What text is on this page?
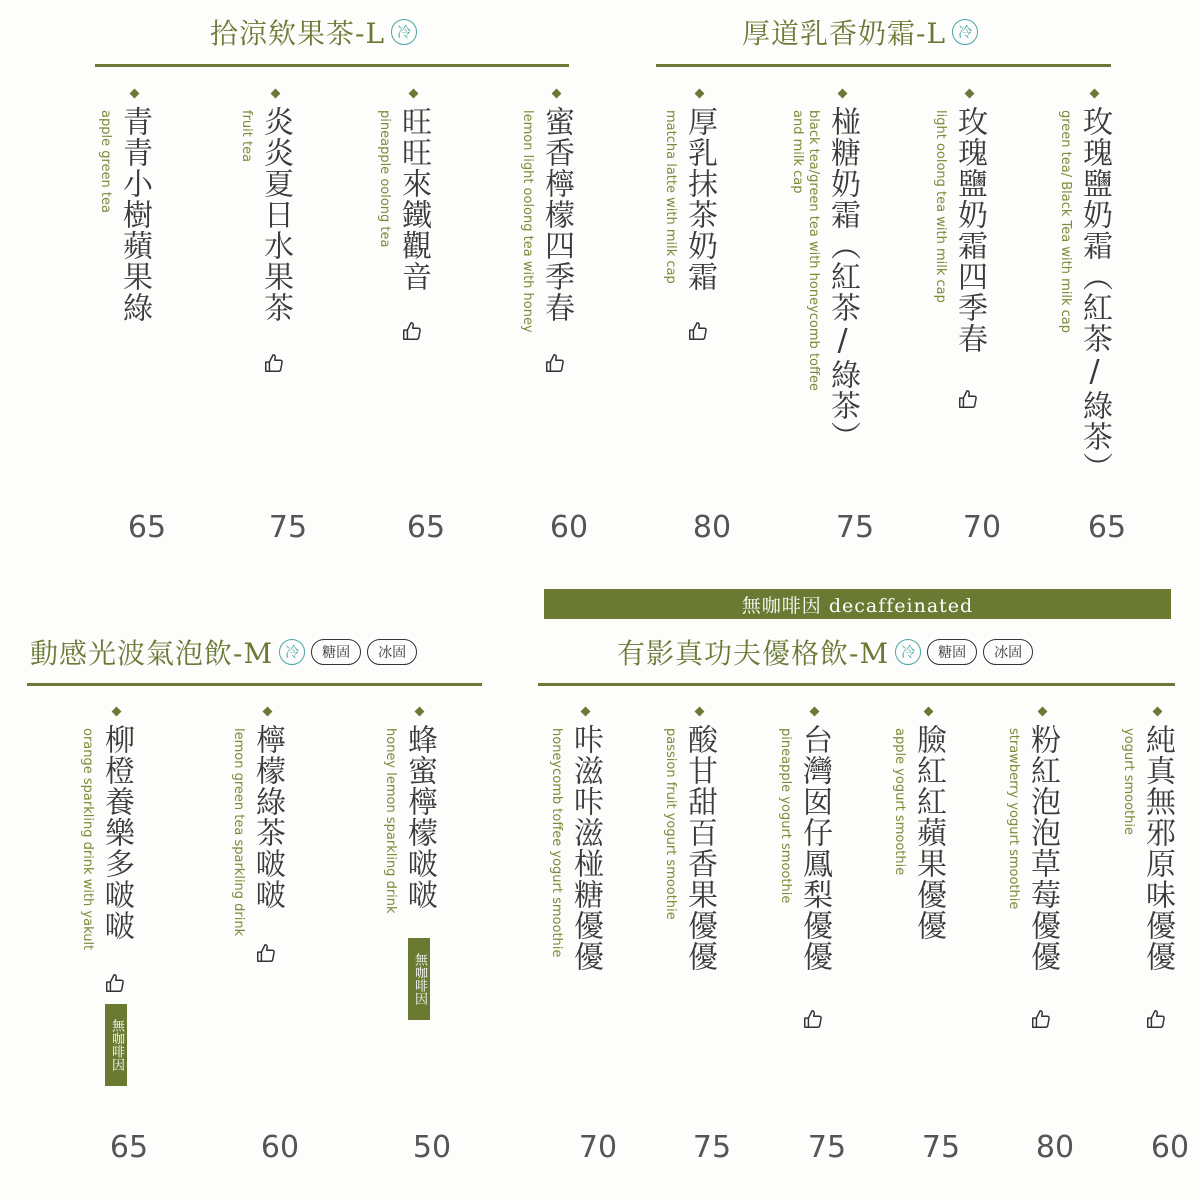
拾涼欸果茶-L 冷	厚道乳香奶霜-L 冷
無咖啡因 decaffeinated
動感光波氣泡飲-M 冷	糖固	冰固	有影真功夫優格飲-M 冷	糖固	冰固
青青小樹蘋果綠
apple green tea
65
炎炎夏日水果茶
fruit tea
75
旺旺來鐵觀音
pineapple oolong tea
65
蜜香檸檬四季春
lemon light oolong tea with honey
60
厚乳抹茶奶霜
matcha latte with milk cap
80
椪糖奶霜（紅茶/綠茶）
black tea/green tea with honeycomb toffee
and milk cap
75
玫瑰鹽奶霜四季春
light oolong tea with milk cap
70
玫瑰鹽奶霜（紅茶/綠茶）
green tea/ Black Tea with milk cap
65
柳橙養樂多啵啵
orange sparkling drink with yakult
無咖啡因
65
檸檬綠茶啵啵
lemon green tea sparkling drink
60
蜂蜜檸檬啵啵
honey lemon sparkling drink
無咖啡因
50
咔滋咔滋椪糖優優
honeycomb toffee yogurt smoothie
70
酸甘甜百香果優優
passion fruit yogurt smoothie
75
台灣囡仔鳳梨優優
pineapple yogurt smoothie
75
臉紅紅蘋果優優
apple yogurt smoothie
75
粉紅泡泡草莓優優
strawberry yogurt smoothie
80
純真無邪原味優優
yogurt smoothie
60
